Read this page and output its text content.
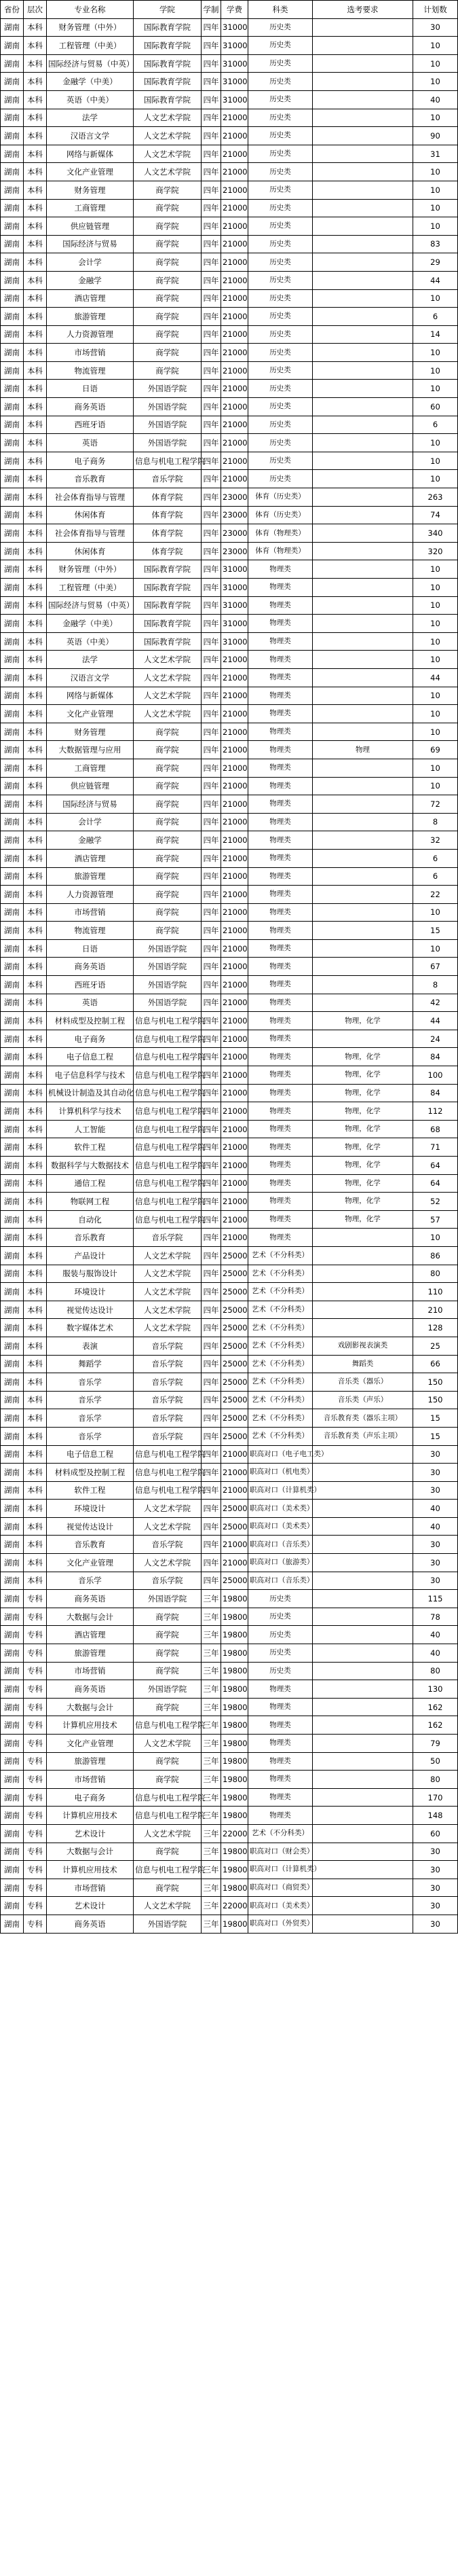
省份	层次	专业名称	学院	学制	学费	科类	选考要求	计划数
湖南	本科	财务管理（中外）	国际教育学院	四年	31000	历史类		30
湖南	本科	工程管理（中美）	国际教育学院	四年	31000	历史类		10
湖南	本科	国际经济与贸易（中英）	国际教育学院	四年	31000	历史类		10
湖南	本科	金融学（中美）	国际教育学院	四年	31000	历史类		10
湖南	本科	英语（中美）	国际教育学院	四年	31000	历史类		40
湖南	本科	法学	人文艺术学院	四年	21000	历史类		10
湖南	本科	汉语言文学	人文艺术学院	四年	21000	历史类		90
湖南	本科	网络与新媒体	人文艺术学院	四年	21000	历史类		31
湖南	本科	文化产业管理	人文艺术学院	四年	21000	历史类		10
湖南	本科	财务管理	商学院	四年	21000	历史类		10
湖南	本科	工商管理	商学院	四年	21000	历史类		10
湖南	本科	供应链管理	商学院	四年	21000	历史类		10
湖南	本科	国际经济与贸易	商学院	四年	21000	历史类		83
湖南	本科	会计学	商学院	四年	21000	历史类		29
湖南	本科	金融学	商学院	四年	21000	历史类		44
湖南	本科	酒店管理	商学院	四年	21000	历史类		10
湖南	本科	旅游管理	商学院	四年	21000	历史类		6
湖南	本科	人力资源管理	商学院	四年	21000	历史类		14
湖南	本科	市场营销	商学院	四年	21000	历史类		10
湖南	本科	物流管理	商学院	四年	21000	历史类		10
湖南	本科	日语	外国语学院	四年	21000	历史类		10
湖南	本科	商务英语	外国语学院	四年	21000	历史类		60
湖南	本科	西班牙语	外国语学院	四年	21000	历史类		6
湖南	本科	英语	外国语学院	四年	21000	历史类		10
湖南	本科	电子商务	信息与机电工程学院	四年	21000	历史类		10
湖南	本科	音乐教育	音乐学院	四年	21000	历史类		10
湖南	本科	社会体育指导与管理	体育学院	四年	23000	体育（历史类）		263
湖南	本科	休闲体育	体育学院	四年	23000	体育（历史类）		74
湖南	本科	社会体育指导与管理	体育学院	四年	23000	体育（物理类）		340
湖南	本科	休闲体育	体育学院	四年	23000	体育（物理类）		320
湖南	本科	财务管理（中外）	国际教育学院	四年	31000	物理类		10
湖南	本科	工程管理（中美）	国际教育学院	四年	31000	物理类		10
湖南	本科	国际经济与贸易（中英）	国际教育学院	四年	31000	物理类		10
湖南	本科	金融学（中美）	国际教育学院	四年	31000	物理类		10
湖南	本科	英语（中美）	国际教育学院	四年	31000	物理类		10
湖南	本科	法学	人文艺术学院	四年	21000	物理类		10
湖南	本科	汉语言文学	人文艺术学院	四年	21000	物理类		44
湖南	本科	网络与新媒体	人文艺术学院	四年	21000	物理类		10
湖南	本科	文化产业管理	人文艺术学院	四年	21000	物理类		10
湖南	本科	财务管理	商学院	四年	21000	物理类		10
湖南	本科	大数据管理与应用	商学院	四年	21000	物理类	物理	69
湖南	本科	工商管理	商学院	四年	21000	物理类		10
湖南	本科	供应链管理	商学院	四年	21000	物理类		10
湖南	本科	国际经济与贸易	商学院	四年	21000	物理类		72
湖南	本科	会计学	商学院	四年	21000	物理类		8
湖南	本科	金融学	商学院	四年	21000	物理类		32
湖南	本科	酒店管理	商学院	四年	21000	物理类		6
湖南	本科	旅游管理	商学院	四年	21000	物理类		6
湖南	本科	人力资源管理	商学院	四年	21000	物理类		22
湖南	本科	市场营销	商学院	四年	21000	物理类		10
湖南	本科	物流管理	商学院	四年	21000	物理类		15
湖南	本科	日语	外国语学院	四年	21000	物理类		10
湖南	本科	商务英语	外国语学院	四年	21000	物理类		67
湖南	本科	西班牙语	外国语学院	四年	21000	物理类		8
湖南	本科	英语	外国语学院	四年	21000	物理类		42
湖南	本科	材料成型及控制工程	信息与机电工程学院	四年	21000	物理类	物理，化学	44
湖南	本科	电子商务	信息与机电工程学院	四年	21000	物理类		24
湖南	本科	电子信息工程	信息与机电工程学院	四年	21000	物理类	物理，化学	84
湖南	本科	电子信息科学与技术	信息与机电工程学院	四年	21000	物理类	物理，化学	100
湖南	本科	机械设计制造及其自动化	信息与机电工程学院	四年	21000	物理类	物理，化学	84
湖南	本科	计算机科学与技术	信息与机电工程学院	四年	21000	物理类	物理，化学	112
湖南	本科	人工智能	信息与机电工程学院	四年	21000	物理类	物理，化学	68
湖南	本科	软件工程	信息与机电工程学院	四年	21000	物理类	物理，化学	71
湖南	本科	数据科学与大数据技术	信息与机电工程学院	四年	21000	物理类	物理，化学	64
湖南	本科	通信工程	信息与机电工程学院	四年	21000	物理类	物理，化学	64
湖南	本科	物联网工程	信息与机电工程学院	四年	21000	物理类	物理，化学	52
湖南	本科	自动化	信息与机电工程学院	四年	21000	物理类	物理，化学	57
湖南	本科	音乐教育	音乐学院	四年	21000	物理类		10
湖南	本科	产品设计	人文艺术学院	四年	25000	艺术（不分科类）		86
湖南	本科	服装与服饰设计	人文艺术学院	四年	25000	艺术（不分科类）		80
湖南	本科	环境设计	人文艺术学院	四年	25000	艺术（不分科类）		110
湖南	本科	视觉传达设计	人文艺术学院	四年	25000	艺术（不分科类）		210
湖南	本科	数字媒体艺术	人文艺术学院	四年	25000	艺术（不分科类）		128
湖南	本科	表演	音乐学院	四年	25000	艺术（不分科类）	戏剧影视表演类	25
湖南	本科	舞蹈学	音乐学院	四年	25000	艺术（不分科类）	舞蹈类	66
湖南	本科	音乐学	音乐学院	四年	25000	艺术（不分科类）	音乐类（器乐）	150
湖南	本科	音乐学	音乐学院	四年	25000	艺术（不分科类）	音乐类（声乐）	150
湖南	本科	音乐学	音乐学院	四年	25000	艺术（不分科类）	音乐教育类（器乐主项）	15
湖南	本科	音乐学	音乐学院	四年	25000	艺术（不分科类）	音乐教育类（声乐主项）	15
湖南	本科	电子信息工程	信息与机电工程学院	四年	21000	职高对口（电子电工类）		30
湖南	本科	材料成型及控制工程	信息与机电工程学院	四年	21000	职高对口（机电类）		30
湖南	本科	软件工程	信息与机电工程学院	四年	21000	职高对口（计算机类）		30
湖南	本科	环境设计	人文艺术学院	四年	25000	职高对口（美术类）		40
湖南	本科	视觉传达设计	人文艺术学院	四年	25000	职高对口（美术类）		40
湖南	本科	音乐教育	音乐学院	四年	21000	职高对口（音乐类）		30
湖南	本科	文化产业管理	人文艺术学院	四年	21000	职高对口（旅游类）		30
湖南	本科	音乐学	音乐学院	四年	25000	职高对口（音乐类）		30
湖南	专科	商务英语	外国语学院	三年	19800	历史类		115
湖南	专科	大数据与会计	商学院	三年	19800	历史类		78
湖南	专科	酒店管理	商学院	三年	19800	历史类		40
湖南	专科	旅游管理	商学院	三年	19800	历史类		40
湖南	专科	市场营销	商学院	三年	19800	历史类		80
湖南	专科	商务英语	外国语学院	三年	19800	物理类		130
湖南	专科	大数据与会计	商学院	三年	19800	物理类		162
湖南	专科	计算机应用技术	信息与机电工程学院	三年	19800	物理类		162
湖南	专科	文化产业管理	人文艺术学院	三年	19800	物理类		79
湖南	专科	旅游管理	商学院	三年	19800	物理类		50
湖南	专科	市场营销	商学院	三年	19800	物理类		80
湖南	专科	电子商务	信息与机电工程学院	三年	19800	物理类		170
湖南	专科	计算机应用技术	信息与机电工程学院	三年	19800	物理类		148
湖南	专科	艺术设计	人文艺术学院	三年	22000	艺术（不分科类）		60
湖南	专科	大数据与会计	商学院	三年	19800	职高对口（财会类）		30
湖南	专科	计算机应用技术	信息与机电工程学院	三年	19800	职高对口（计算机类）		30
湖南	专科	市场营销	商学院	三年	19800	职高对口（商贸类）		30
湖南	专科	艺术设计	人文艺术学院	三年	22000	职高对口（美术类）		30
湖南	专科	商务英语	外国语学院	三年	19800	职高对口（外贸类）		30
